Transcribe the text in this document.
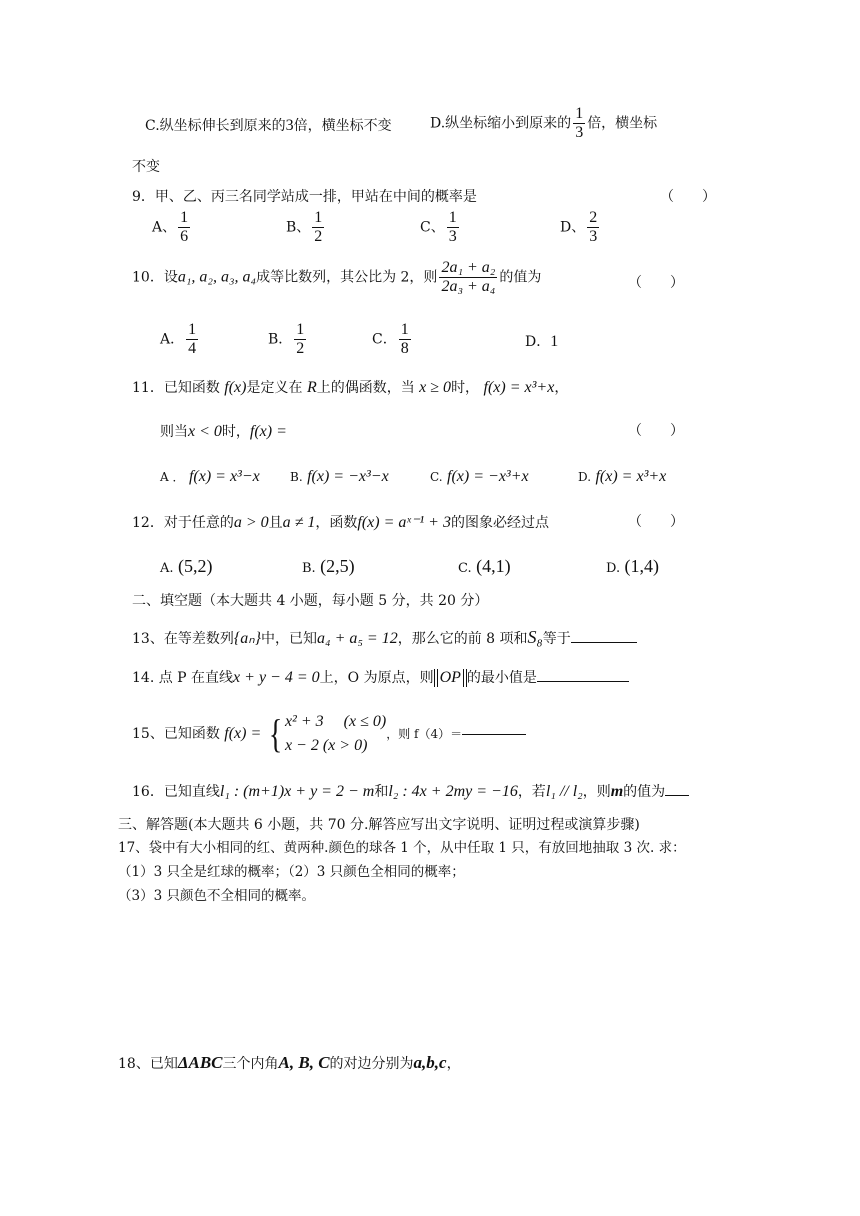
C.纵坐标伸长到原来的3倍，横坐标不变	D.纵坐标缩小到原来的 $\frac{1}{3}$ 倍，横坐标
不变
9．甲、乙、丙三名同学站成一排，甲站在中间的概率是	（　　）
A、 $\frac{1}{6}$	B、 $\frac{1}{2}$	C、 $\frac{1}{3}$	D、 $\frac{2}{3}$
10．设a₁, a₂, a₃, a₄成等比数列，其公比为 2，则 $\frac{\text{2a₁ + a₂}}{\text{2a₃ + a₄}}$ 的值为	（　　）
A． $\frac{1}{4}$	B． $\frac{1}{2}$	C． $\frac{1}{8}$	D．1
11．已知函数 f(x)是定义在 R上的偶函数，当 x ≥ 0时， f(x) = x³+x，
则当x < 0时，f(x) =	（　　）
A ． f(x) = x³−x	B. f(x) = −x³−x	C. f(x) = −x³+x	D. f(x) = x³+x
12．对于任意的a > 0且a ≠ 1，函数f(x) = aˣ⁻¹ + 3的图象必经过点	（　　）
A. (5,2)	B. (2,5)	C. (4,1)	D. (1,4)
二、填空题（本大题共 4 小题，每小题 5 分，共 20 分）
13、在等差数列{aₙ}中，已知a₄ + a₅ = 12，那么它的前 8 项和S₈等于
14. 点 P 在直线x + y − 4 = 0上，O 为原点，则 OP 的最小值是
15、已知函数 f(x) = { x² + 3　 (x ≤ 0)
x − 2 (x > 0)
，则 f（4）＝
16．已知直线l₁ : (m+1)x + y = 2 − m和l₂ : 4x + 2my = −16，若l₁ // l₂，则m的值为
三、解答题(本大题共 6 小题，共 70 分.解答应写出文字说明、证明过程或演算步骤)
17、袋中有大小相同的红、黄两种.颜色的球各 1 个，从中任取 1 只，有放回地抽取 3 次. 求：
（1）3 只全是红球的概率；（2）3 只颜色全相同的概率；
（3）3 只颜色不全相同的概率。
18、已知ΔABC三个内角A, B, C的对边分别为a,b,c，
